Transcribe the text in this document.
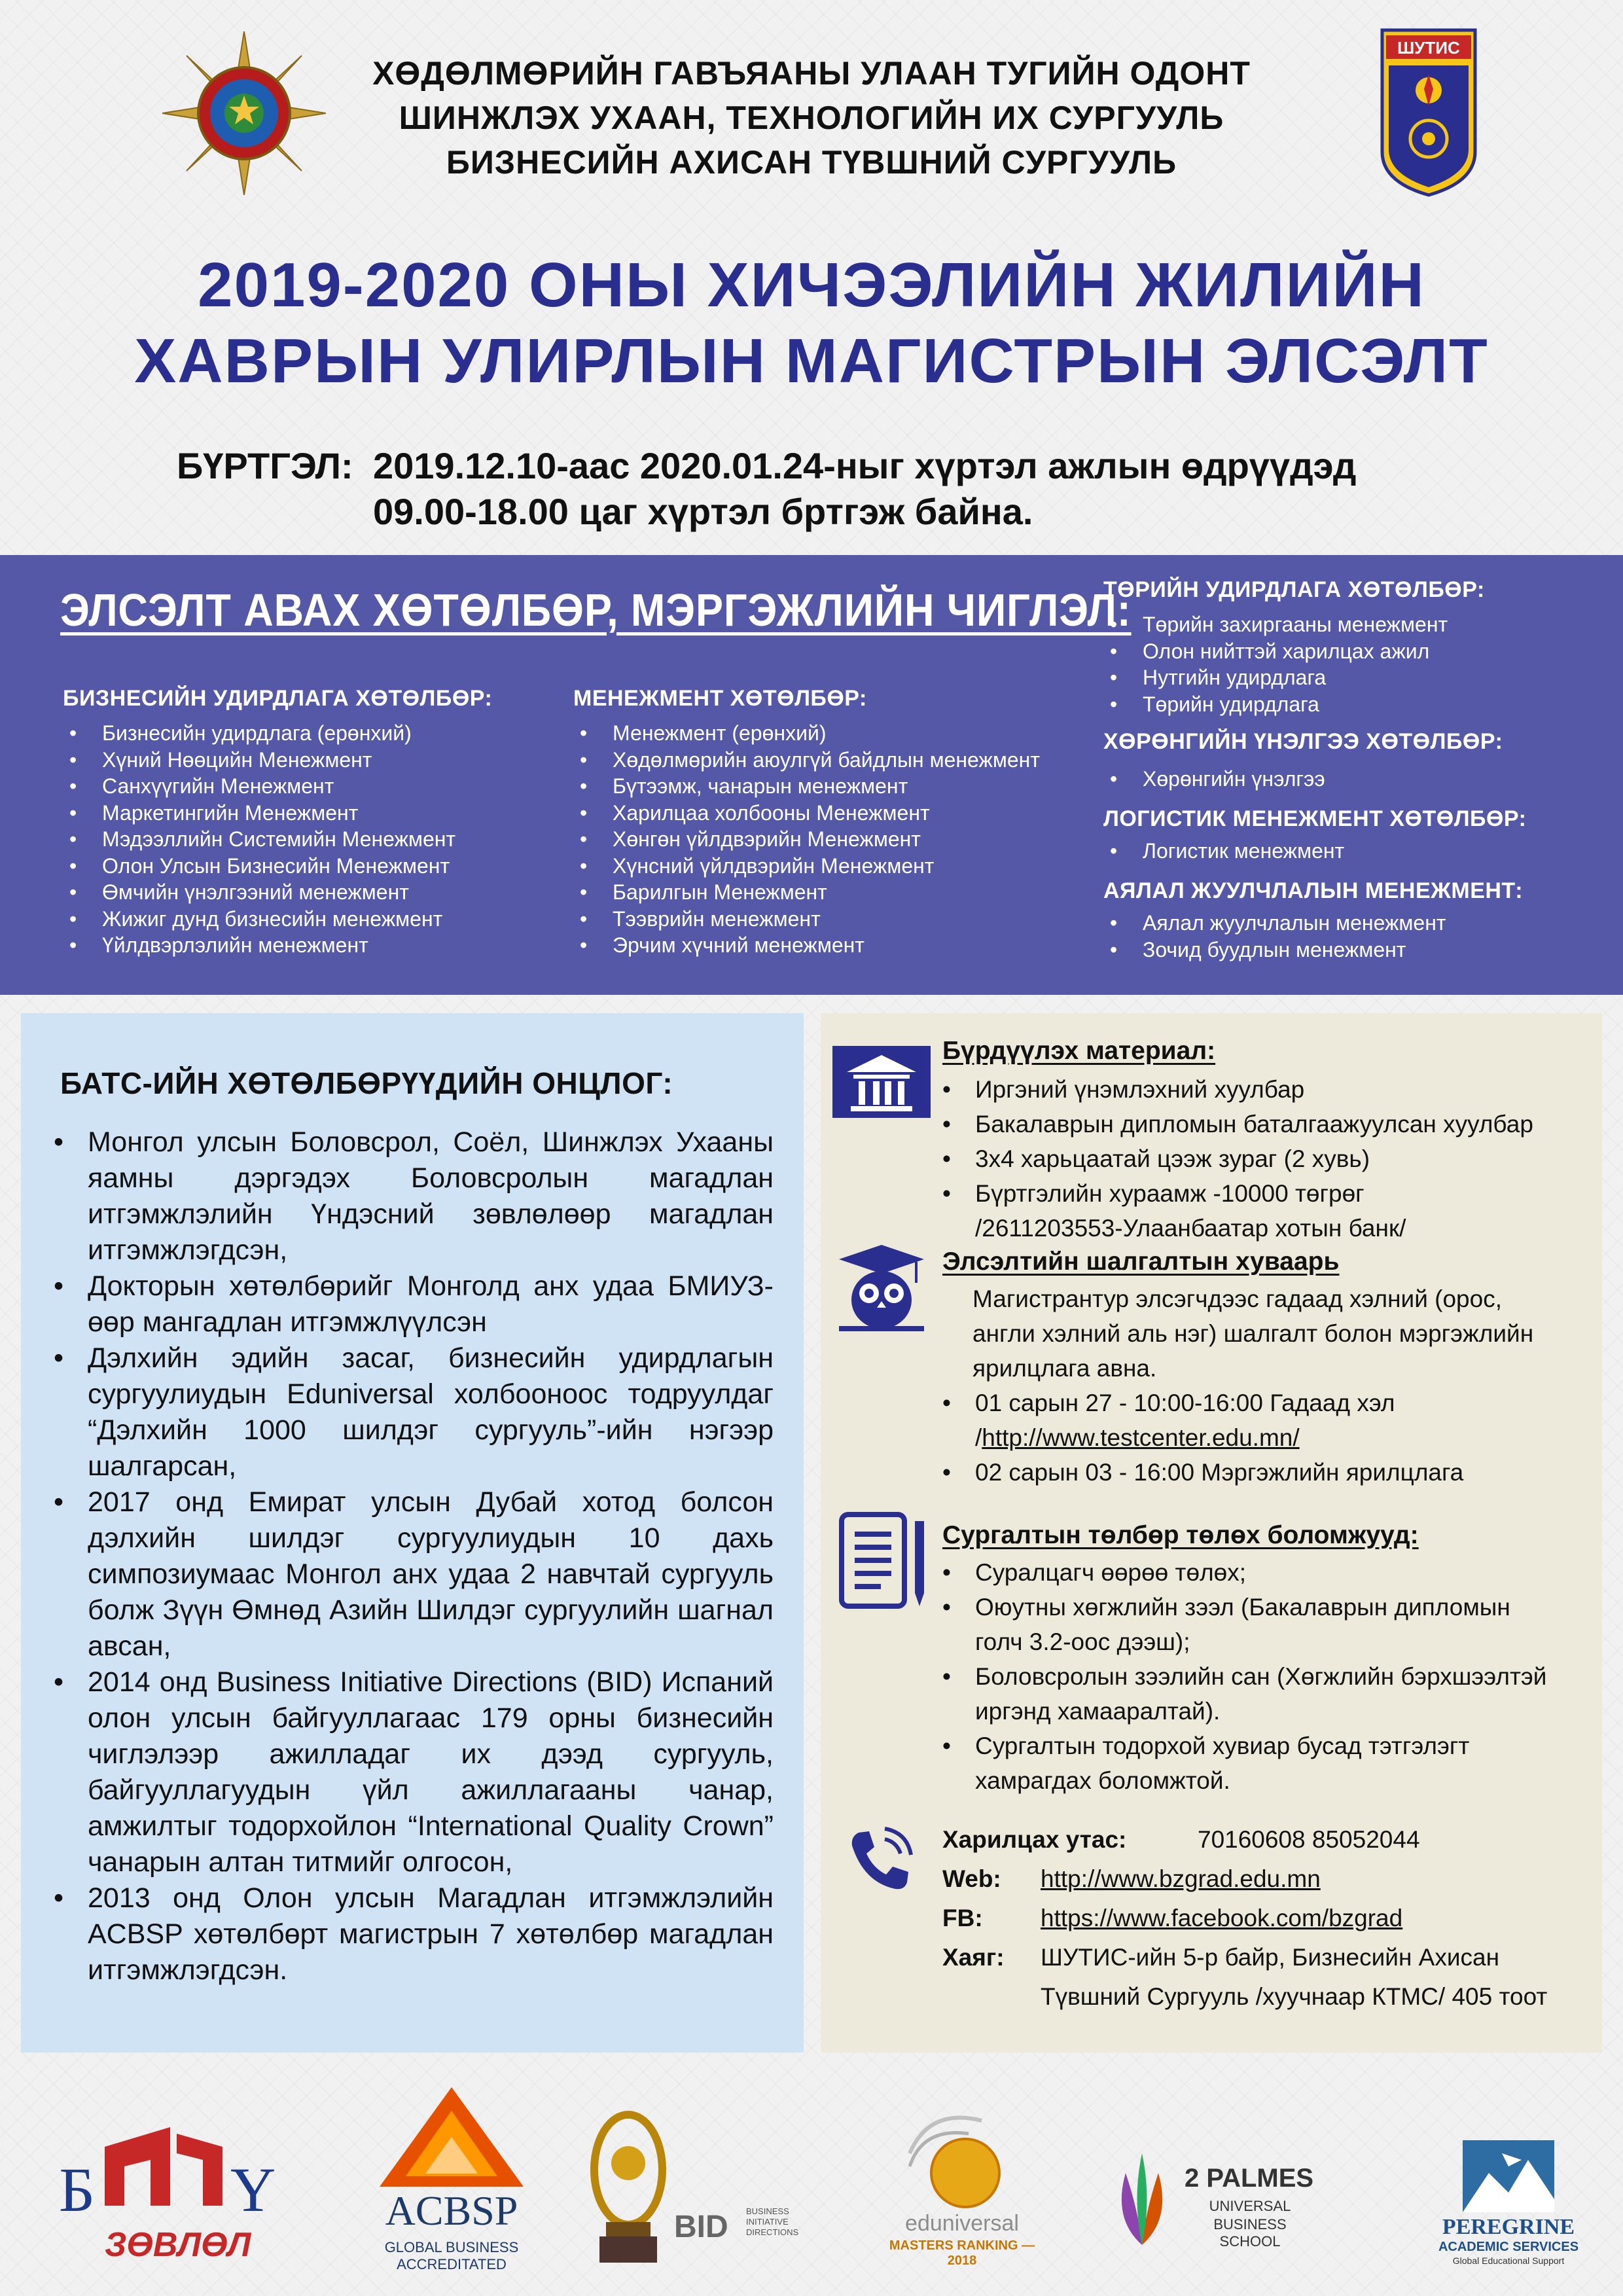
ХӨДӨЛМӨРИЙН ГАВЪЯАНЫ УЛААН ТУГИЙН ОДОНТ
ШИНЖЛЭХ УХААН, ТЕХНОЛОГИЙН ИХ СУРГУУЛЬ
БИЗНЕСИЙН АХИСАН ТҮВШНИЙ СУРГУУЛЬ
ШУТИС
2019-2020 ОНЫ ХИЧЭЭЛИЙН ЖИЛИЙН
ХАВРЫН УЛИРЛЫН МАГИСТРЫН ЭЛСЭЛТ
БҮРТГЭЛ: 2019.12.10-аас 2020.01.24-ныг хүртэл ажлын өдрүүдэд
09.00-18.00 цаг хүртэл бртгэж байна.
ЭЛСЭЛТ АВАХ ХӨТӨЛБӨР, МЭРГЭЖЛИЙН ЧИГЛЭЛ:
БИЗНЕСИЙН УДИРДЛАГА ХӨТӨЛБӨР:
• Бизнесийн удирдлага (ерөнхий)
• Хүний Нөөцийн Менежмент
• Санхүүгийн Менежмент
• Маркетингийн Менежмент
• Мэдээллийн Системийн Менежмент
• Олон Улсын Бизнесийн Менежмент
• Өмчийн үнэлгээний менежмент
• Жижиг дунд бизнесийн менежмент
• Үйлдвэрлэлийн менежмент
МЕНЕЖМЕНТ ХӨТӨЛБӨР:
• Менежмент (ерөнхий)
• Хөдөлмөрийн аюулгүй байдлын менежмент
• Бүтээмж, чанарын менежмент
• Харилцаа холбооны Менежмент
• Хөнгөн үйлдвэрийн Менежмент
• Хүнсний үйлдвэрийн Менежмент
• Барилгын Менежмент
• Тээврийн менежмент
• Эрчим хүчний менежмент
ТӨРИЙН УДИРДЛАГА ХӨТӨЛБӨР:
• Төрийн захиргааны менежмент
• Олон нийттэй харилцах ажил
• Нутгийн удирдлага
• Төрийн удирдлага
ХӨРӨНГИЙН ҮНЭЛГЭЭ ХӨТӨЛБӨР:
• Хөрөнгийн үнэлгээ
ЛОГИСТИК МЕНЕЖМЕНТ ХӨТӨЛБӨР:
• Логистик менежмент
АЯЛАЛ ЖУУЛЧЛАЛЫН МЕНЕЖМЕНТ:
• Аялал жуулчлалын менежмент
• Зочид буудлын менежмент
БАТС-ИЙН ХӨТӨЛБӨРҮҮДИЙН ОНЦЛОГ:
• Монгол улсын Боловсрол, Соёл, Шинжлэх Ухааны яамны дэргэдэх Боловсролын магадлан итгэмжлэлийн Үндэсний зөвлөлөөр магадлан итгэмжлэгдсэн,
• Докторын хөтөлбөрийг Монголд анх удаа БМИУЗ-өөр мангадлан итгэмжлүүлсэн
• Дэлхийн эдийн засаг, бизнесийн удирдлагын сургуулиудын Eduniversal холбооноос тодруулдаг “Дэлхийн 1000 шилдэг сургууль”-ийн нэгээр шалгарсан,
• 2017 онд Емират улсын Дубай хотод болсон дэлхийн шилдэг сургуулиудын 10 дахь симпозиумаас Монгол анх удаа 2 навчтай сургууль болж Зүүн Өмнөд Азийн Шилдэг сургуулийн шагнал авсан,
• 2014 онд Business Initiative Directions (BID) Испаний олон улсын байгууллагаас 179 орны бизнесийн чиглэлээр ажилладаг их дээд сургууль, байгууллагуудын үйл ажиллагааны чанар, амжилтыг тодорхойлон “International Quality Crown” чанарын алтан титмийг олгосон,
• 2013 онд Олон улсын Магадлан итгэмжлэлийн ACBSP хөтөлбөрт магистрын 7 хөтөлбөр магадлан итгэмжлэгдсэн.
Бүрдүүлэх материал:
• Иргэний үнэмлэхний хуулбар
• Бакалаврын дипломын баталгаажуулсан хуулбар
• 3х4 харьцаатай цээж зураг (2 хувь)
• Бүртгэлийн хураамж -10000 төгрөг
/2611203553-Улаанбаатар хотын банк/
Элсэлтийн шалгалтын хуваарь
Магистрантур элсэгчдээс гадаад хэлний (орос,
англи хэлний аль нэг) шалгалт болон мэргэжлийн
ярилцлага авна.
• 01 сарын 27 - 10:00-16:00 Гадаад хэл
/http://www.testcenter.edu.mn/
• 02 сарын 03 - 16:00 Мэргэжлийн ярилцлага
Сургалтын төлбөр төлөх боломжууд:
• Суралцагч өөрөө төлөх;
• Оюутны хөгжлийн зээл (Бакалаврын дипломын
голч 3.2-оос дээш);
• Боловсролын зээлийн сан (Хөгжлийн бэрхшээлтэй
иргэнд хамааралтай).
• Сургалтын тодорхой хувиар бусад тэтгэлэгт
хамрагдах боломжтой.
Харилцах утас:	70160608 85052044
Web: http://www.bzgrad.edu.mn
FB: https://www.facebook.com/bzgrad
Хаяг: ШУТИС-ийн 5-р байр, Бизнесийн Ахисан
Түвшний Сургууль /хуучнаар КТМС/ 405 тоот
Б Y
ЗӨВЛӨЛ
ACBSP
GLOBAL BUSINESS
ACCREDITATED
BID BUSINESS INITIATIVE DIRECTIONS	eduniversal
MASTERS RANKING — 2018
2 PALMES
UNIVERSAL
BUSINESS SCHOOL
PEREGRINE
ACADEMIC SERVICES
Global Educational Support
